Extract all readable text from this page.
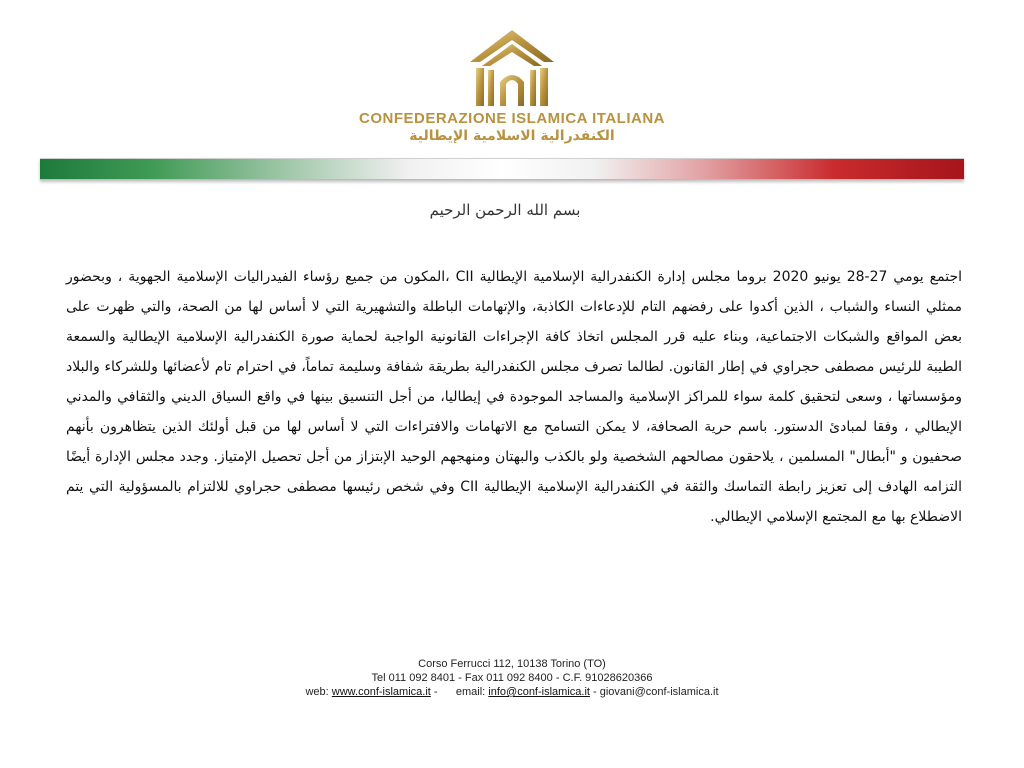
CONFEDERAZIONE ISLAMICA ITALIANA
الكنفدرالية الاسلامية الإيطالية
بسم الله الرحمن الرحيم

اجتمع يومي 27-28 يونيو 2020 بروما مجلس إدارة الكنفدرالية الإسلامية الإيطالية CII ،المكون من جميع رؤساء الفيدراليات الإسلامية الجهوية ، وبحضور ممثلي النساء والشباب ، الذين أكدوا على رفضهم التام للإدعاءات الكاذبة، والإتهامات الباطلة والتشهيرية التي لا أساس لها من الصحة، والتي ظهرت على بعض المواقع والشبكات الاجتماعية، وبناء عليه قرر المجلس اتخاذ كافة الإجراءات القانونية الواجبة لحماية صورة الكنفدرالية الإسلامية الإيطالية والسمعة الطيبة للرئيس مصطفى حجراوي في إطار القانون. لطالما تصرف مجلس الكنفدرالية بطريقة شفافة وسليمة تماماً، في احترام تام لأعضائها وللشركاء والبلاد ومؤسساتها ، وسعى لتحقيق كلمة سواء للمراكز الإسلامية والمساجد الموجودة في إيطاليا، من أجل التنسيق بينها في واقع السياق الديني والثقافي والمدني الإيطالي ، وفقا لمبادئ الدستور. باسم حرية الصحافة، لا يمكن التسامح مع الاتهامات والافتراءات التي لا أساس لها من قبل أولئك الذين يتظاهرون بأنهم صحفيون و "أبطال" المسلمين ، يلاحقون مصالحهم الشخصية ولو بالكذب والبهتان ومنهجهم الوحيد الإبتزاز من أجل تحصيل الإمتياز. وجدد مجلس الإدارة أيضًا التزامه الهادف إلى تعزيز رابطة التماسك والثقة في الكنفدرالية الإسلامية الإيطالية CII وفي شخص رئيسها مصطفى حجراوي للالتزام بالمسؤولية التي يتم الاضطلاع بها مع المجتمع الإسلامي الإيطالي.

Corso Ferrucci 112, 10138 Torino (TO)
Tel 011 092 8401 - Fax 011 092 8400 - C.F. 91028620366
web: www.conf-islamica.it -      email: info@conf-islamica.it - giovani@conf-islamica.it
